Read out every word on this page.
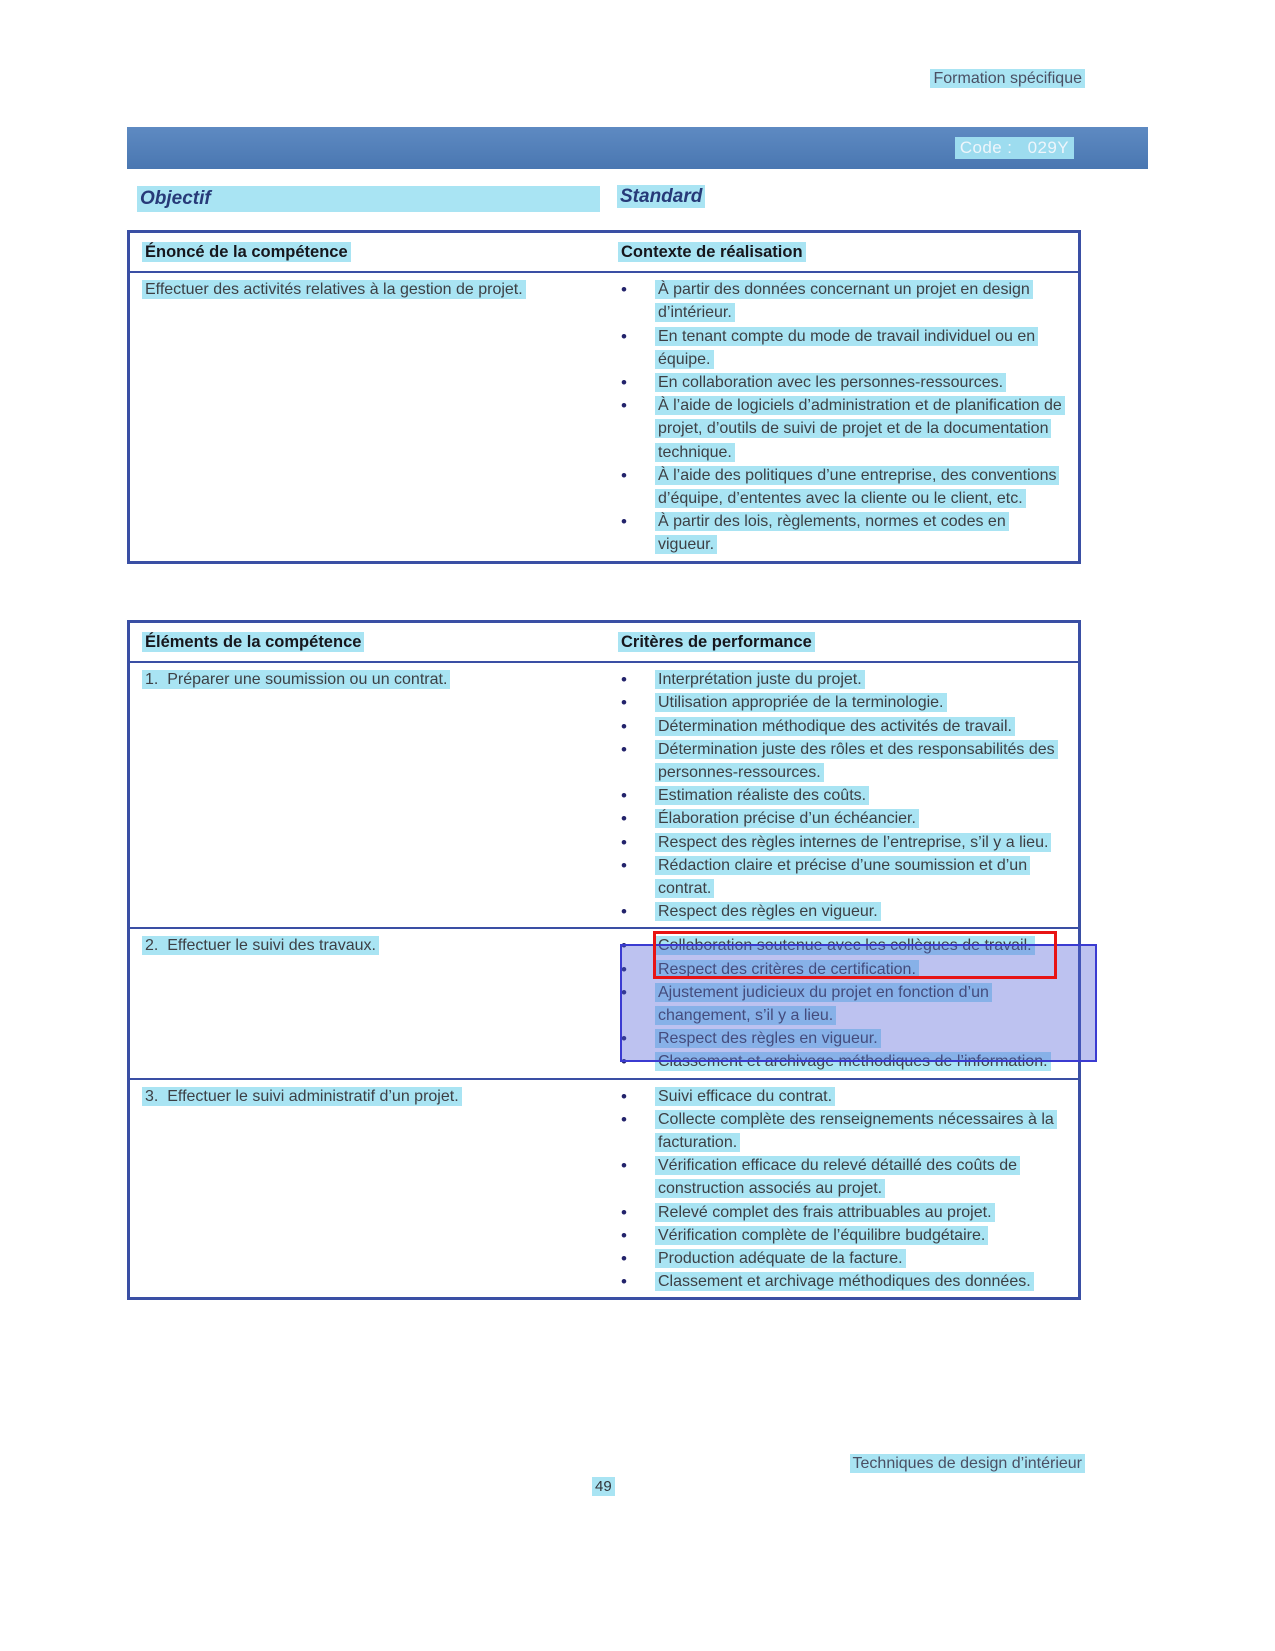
Formation spécifique
Code :   029Y
Objectif	Standard
Énoncé de la compétence	Contexte de réalisation
Effectuer des activités relatives à la gestion de projet.	• À partir des données concernant un projet en design d’intérieur.
• En tenant compte du mode de travail individuel ou en équipe.
• En collaboration avec les personnes-ressources.
• À l’aide de logiciels d’administration et de planification de projet, d’outils de suivi de projet et de la documentation technique.
• À l’aide des politiques d’une entreprise, des conventions d’équipe, d’ententes avec la cliente ou le client, etc.
• À partir des lois, règlements, normes et codes en vigueur.
Éléments de la compétence	Critères de performance
1.  Préparer une soumission ou un contrat.	• Interprétation juste du projet.
• Utilisation appropriée de la terminologie.
• Détermination méthodique des activités de travail.
• Détermination juste des rôles et des responsabilités des personnes-ressources.
• Estimation réaliste des coûts.
• Élaboration précise d’un échéancier.
• Respect des règles internes de l’entreprise, s’il y a lieu.
• Rédaction claire et précise d’une soumission et d’un contrat.
• Respect des règles en vigueur.
2.  Effectuer le suivi des travaux.	• Collaboration soutenue avec les collègues de travail.
• Respect des critères de certification.
• Ajustement judicieux du projet en fonction d’un changement, s’il y a lieu.
• Respect des règles en vigueur.
• Classement et archivage méthodiques de l’information.
3.  Effectuer le suivi administratif d’un projet.	• Suivi efficace du contrat.
• Collecte complète des renseignements nécessaires à la facturation.
• Vérification efficace du relevé détaillé des coûts de construction associés au projet.
• Relevé complet des frais attribuables au projet.
• Vérification complète de l’équilibre budgétaire.
• Production adéquate de la facture.
• Classement et archivage méthodiques des données.
Techniques de design d’intérieur
49
